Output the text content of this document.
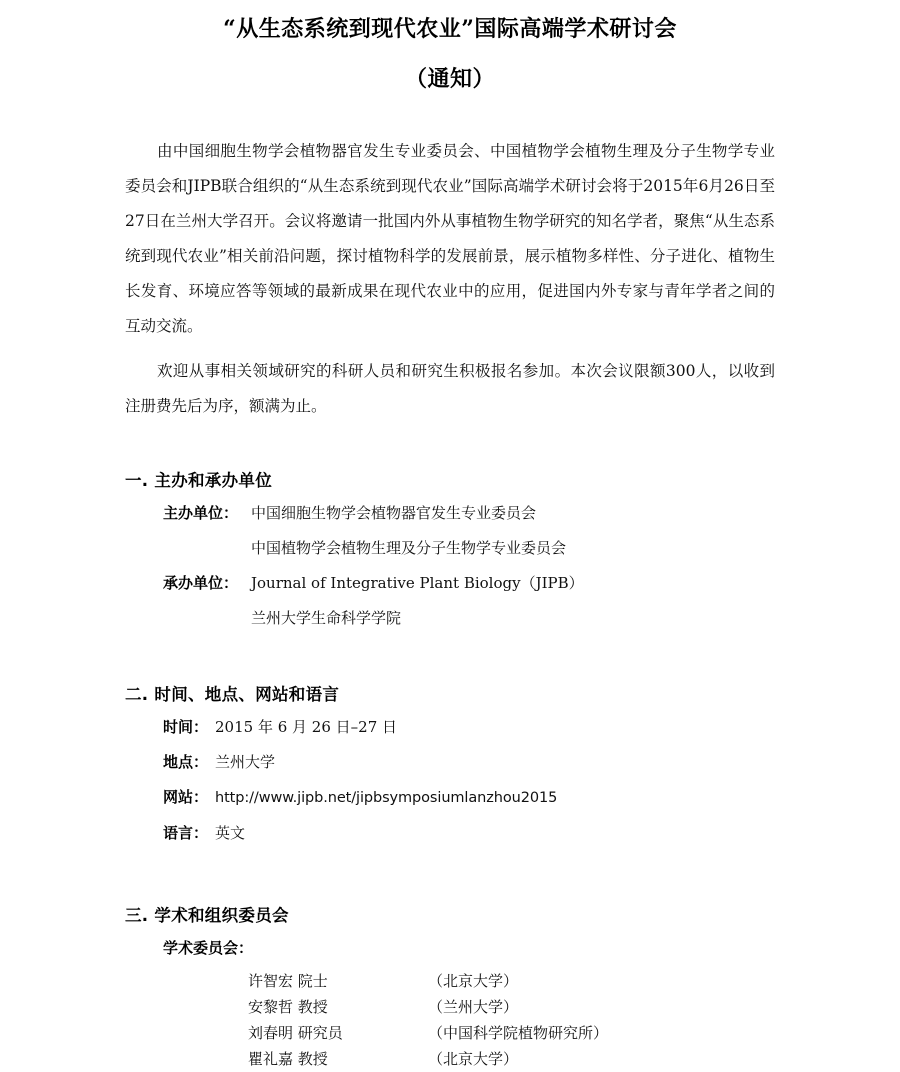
“从生态系统到现代农业”国际高端学术研讨会
（通知）

由中国细胞生物学会植物器官发生专业委员会、中国植物学会植物生理及分子生物学专业委员会和JIPB联合组织的“从生态系统到现代农业”国际高端学术研讨会将于2015年6月26日至27日在兰州大学召开。会议将邀请一批国内外从事植物生物学研究的知名学者，聚焦“从生态系统到现代农业”相关前沿问题，探讨植物科学的发展前景，展示植物多样性、分子进化、植物生长发育、环境应答等领域的最新成果在现代农业中的应用，促进国内外专家与青年学者之间的互动交流。

欢迎从事相关领域研究的科研人员和研究生积极报名参加。本次会议限额300人，以收到注册费先后为序，额满为止。

一. 主办和承办单位
主办单位： 中国细胞生物学会植物器官发生专业委员会
中国植物学会植物生理及分子生物学专业委员会
承办单位： Journal of Integrative Plant Biology（JIPB）
兰州大学生命科学学院
二. 时间、地点、网站和语言
时间： 2015 年 6 月 26 日–27 日
地点： 兰州大学
网站： http://www.jipb.net/jipbsymposiumlanzhou2015
语言： 英文
三. 学术和组织委员会

学术委员会：

许智宏 院士	（北京大学）
安黎哲 教授	（兰州大学）
刘春明 研究员	（中国科学院植物研究所）
瞿礼嘉 教授	（北京大学）
